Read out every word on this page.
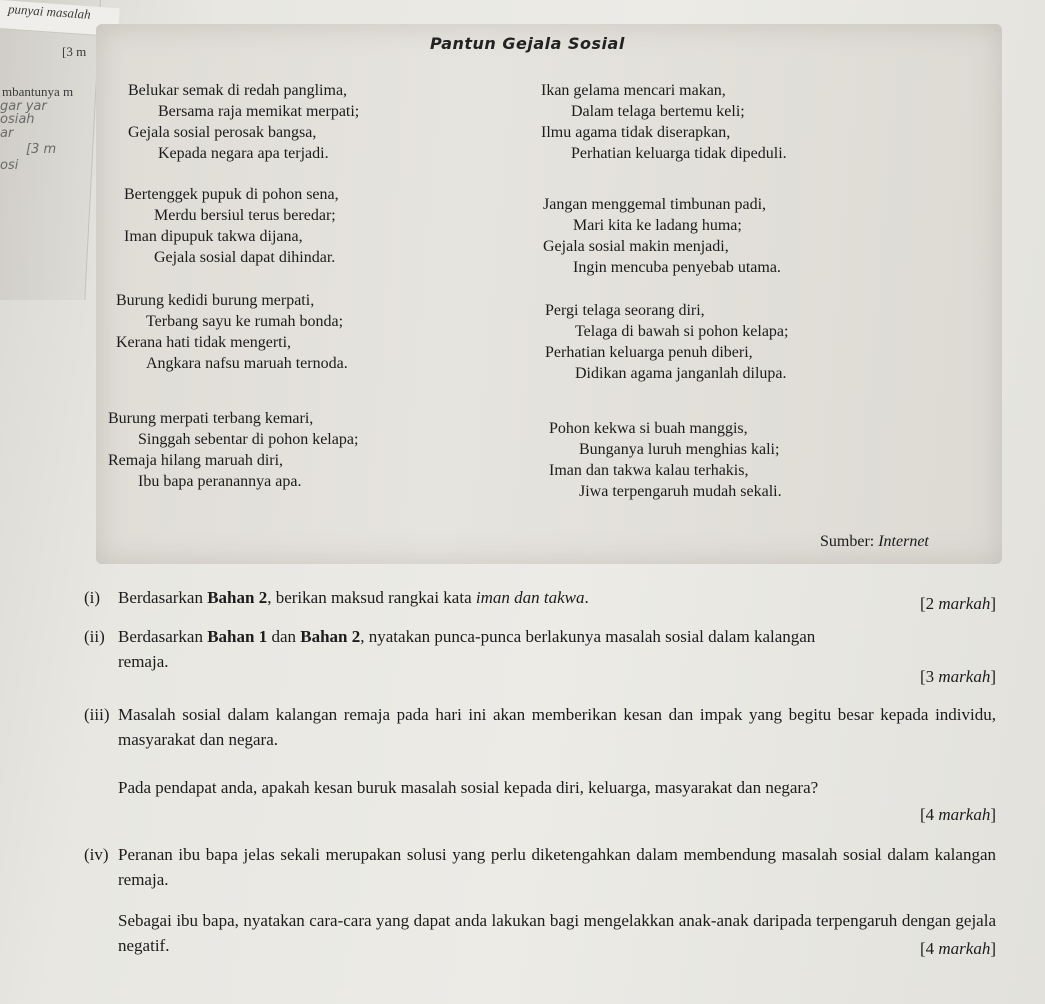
punyai masalah
[3 m
mbantunya m
gar yar
osiah
ar
[3 m
osi
Pantun Gejala Sosial
Belukar semak di redah panglima,
Bersama raja memikat merpati;
Gejala sosial perosak bangsa,
Kepada negara apa terjadi.
Bertenggek pupuk di pohon sena,
Merdu bersiul terus beredar;
Iman dipupuk takwa dijana,
Gejala sosial dapat dihindar.
Burung kedidi burung merpati,
Terbang sayu ke rumah bonda;
Kerana hati tidak mengerti,
Angkara nafsu maruah ternoda.
Burung merpati terbang kemari,
Singgah sebentar di pohon kelapa;
Remaja hilang maruah diri,
Ibu bapa peranannya apa.
Ikan gelama mencari makan,
Dalam telaga bertemu keli;
Ilmu agama tidak diserapkan,
Perhatian keluarga tidak dipeduli.
Jangan menggemal timbunan padi,
Mari kita ke ladang huma;
Gejala sosial makin menjadi,
Ingin mencuba penyebab utama.
Pergi telaga seorang diri,
Telaga di bawah si pohon kelapa;
Perhatian keluarga penuh diberi,
Didikan agama janganlah dilupa.
Pohon kekwa si buah manggis,
Bunganya luruh menghias kali;
Iman dan takwa kalau terhakis,
Jiwa terpengaruh mudah sekali.
Sumber: Internet
(i) Berdasarkan Bahan 2, berikan maksud rangkai kata iman dan takwa.	[2 markah]
(ii) Berdasarkan Bahan 1 dan Bahan 2, nyatakan punca-punca berlakunya masalah sosial dalam kalangan
remaja.
[3 markah]
(iii) Masalah sosial dalam kalangan remaja pada hari ini akan memberikan kesan dan impak yang begitu besar kepada individu, masyarakat dan negara.
Pada pendapat anda, apakah kesan buruk masalah sosial kepada diri, keluarga, masyarakat dan negara?
[4 markah]
(iv) Peranan ibu bapa jelas sekali merupakan solusi yang perlu diketengahkan dalam membendung masalah sosial dalam kalangan remaja.
Sebagai ibu bapa, nyatakan cara-cara yang dapat anda lakukan bagi mengelakkan anak-anak daripada terpengaruh dengan gejala negatif.	[4 markah]
